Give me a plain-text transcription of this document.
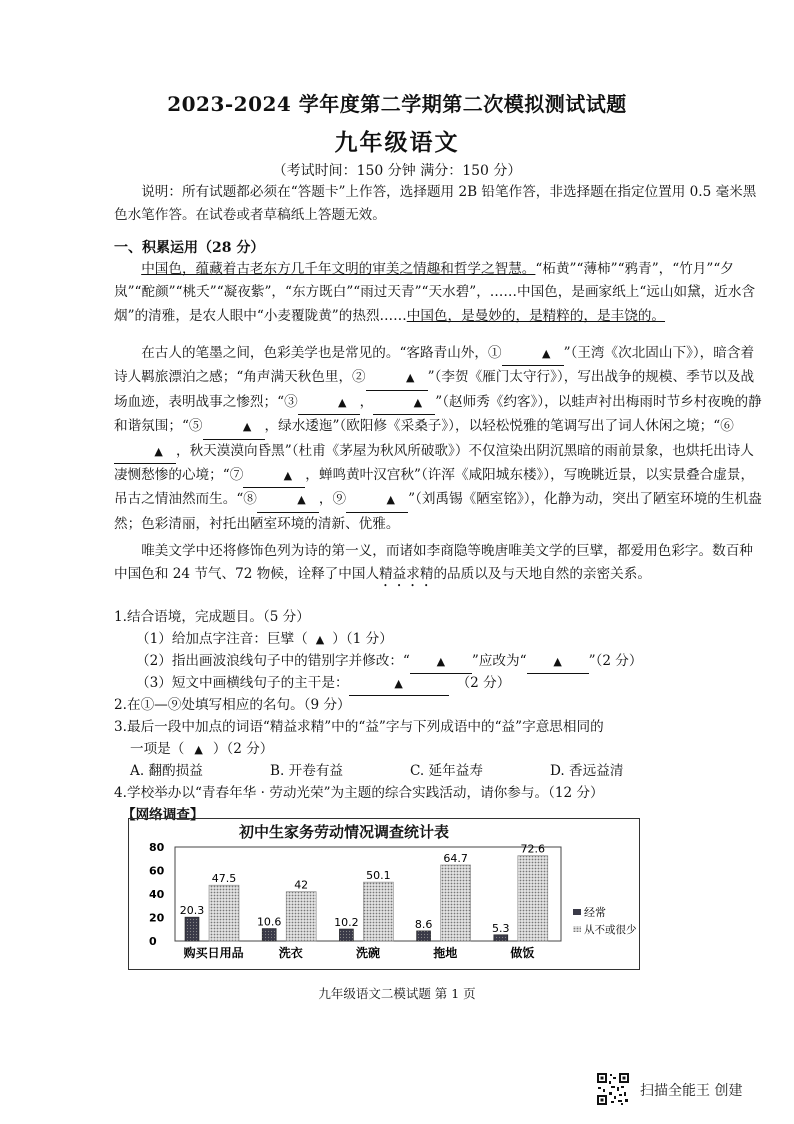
2023-2024 学年度第二学期第二次模拟测试试题
九年级语文
（考试时间：150 分钟 满分：150 分）
说明：所有试题都必须在“答题卡”上作答，选择题用 2B 铅笔作答，非选择题在指定位置用 0.5 毫米黑色水笔作答。在试卷或者草稿纸上答题无效。
一、积累运用（28 分）

中国色，蕴藏着古老东方几千年文明的审美之情趣和哲学之智慧。“柘黄”“薄柿”“鸦青”，“竹月”“夕岚”“酡颜”“桃夭”“凝夜紫”，“东方既白”“雨过天青”“天水碧”，……中国色，是画家纸上“远山如黛，近水含烟”的清雅，是农人眼中“小麦覆陇黄”的热烈……中国色，是曼妙的，是精粹的，是丰饶的。

在古人的笔墨之间，色彩美学也是常见的。“客路青山外，①	▲ ”（王湾《次北固山下》），暗含着诗人羁旅漂泊之感；“角声满天秋色里，②	▲ ”（李贺《雁门太守行》），写出战争的规模、季节以及战场血迹，表明战事之惨烈；“③	▲ ，	▲ ”（赵师秀《约客》），以蛙声衬出梅雨时节乡村夜晚的静和谐氛围；“⑤	▲ ，绿水逶迤”（欧阳修《采桑子》），以轻松悦雅的笔调写出了词人休闲之境；“⑥▲ ，秋天漠漠向昏黑”（杜甫《茅屋为秋风所破歌》）不仅渲染出阴沉黑暗的雨前景象，也烘托出诗人凄恻愁惨的心境；“⑦	▲ ，蝉鸣黄叶汉宫秋”（许浑《咸阳城东楼》），写晚眺近景，以实景叠合虚景，吊古之情油然而生。“⑧	▲ ，⑨	▲ ”（刘禹锡《陋室铭》），化静为动，突出了陋室环境的生机盎然；色彩清丽，衬托出陋室环境的清新、优雅。

唯美文学中还将修饰色列为诗的第一义，而诸如李商隐等晚唐唯美文学的巨擘，都爱用色彩字。数百种中国色和 24 节气、72 物候，诠释了中国人精益求精的品质以及与天地自然的亲密关系。

1.结合语境，完成题目。（5 分）
（1）给加点字注音：巨擘（ ▲ ）（1 分）
（2）指出画波浪线句子中的错别字并修改：“ ▲ ”应改为“ ▲ ”（2 分）
（3）短文中画横线句子的主干是：	▲	（2 分）
2.在①—⑨处填写相应的名句。（9 分）
3.最后一段中加点的词语“精益求精”中的“益”字与下列成语中的“益”字意思相同的
一项是（ ▲ ）（2 分）
A. 翻酌损益	B. 开卷有益	C. 延年益寿	D. 香远益清
4.学校举办以“青春年华 · 劳动光荣”为主题的综合实践活动，请你参与。（12 分）
【网络调查】
初中生家务劳动情况调查统计表
0
20
40
60
80
20.3
47.5
购买日用品
10.6
42
洗衣
10.2
50.1
洗碗
8.6
64.7
拖地
5.3
72.6
做饭
经常
从不或很少
九年级语文二模试题 第 1 页
扫描全能王 创建
